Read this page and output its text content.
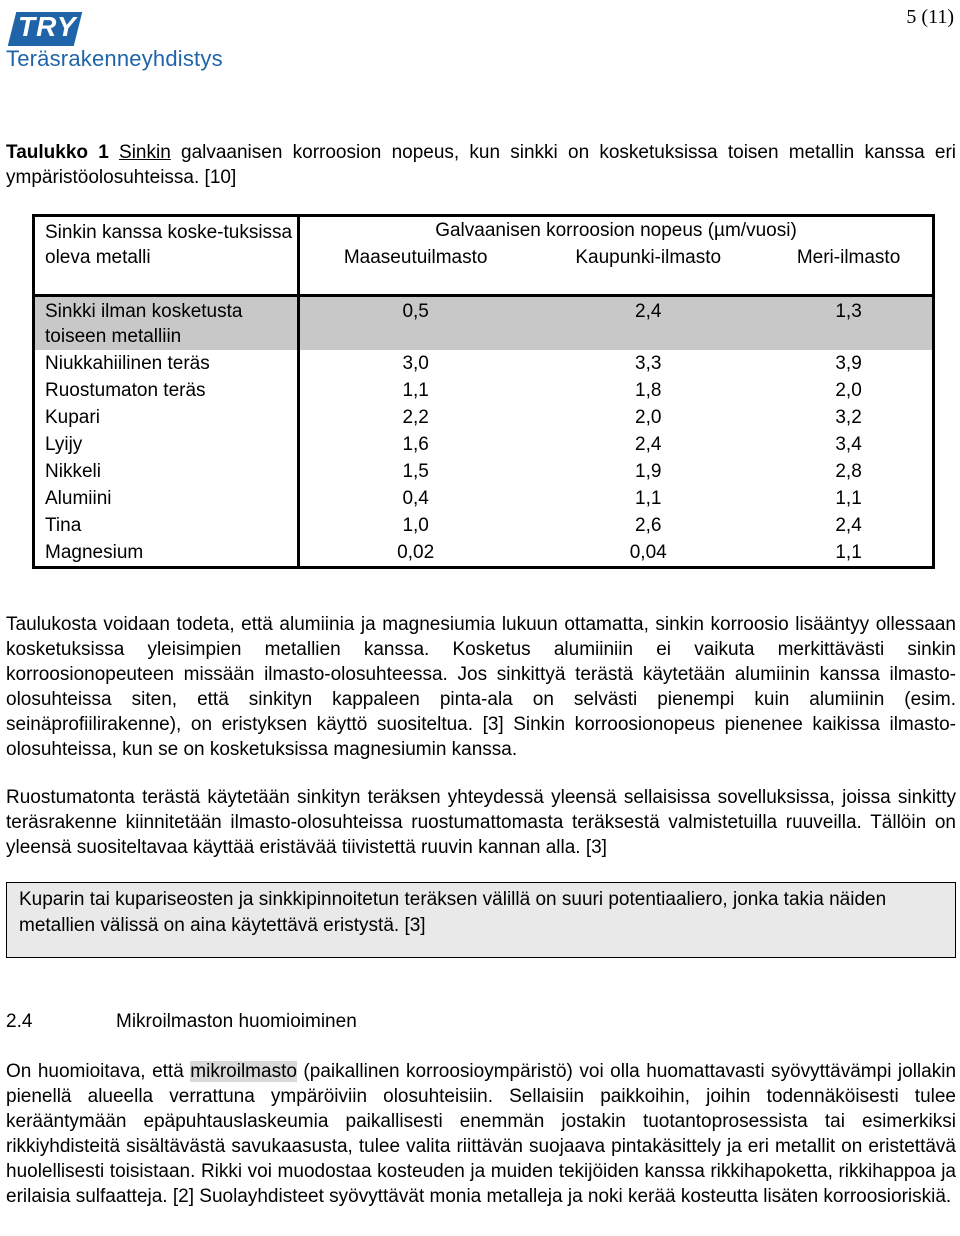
TRY
Teräsrakenneyhdistys
5 (11)
Taulukko 1 Sinkin galvaanisen korroosion nopeus, kun sinkki on kosketuksissa toisen metallin kanssa eri ympäristöolosuhteissa. [10]
Sinkin kanssa koske-tuksissa oleva metalli	Galvaanisen korroosion nopeus (µm/vuosi)		
	Maaseutuilmasto	Kaupunki-ilmasto	Meri-ilmasto
Sinkki ilman kosketusta toiseen metalliin	0,5	2,4	1,3
Niukkahiilinen teräs	3,0	3,3	3,9
Ruostumaton teräs	1,1	1,8	2,0
Kupari	2,2	2,0	3,2
Lyijy	1,6	2,4	3,4
Nikkeli	1,5	1,9	2,8
Alumiini	0,4	1,1	1,1
Tina	1,0	2,6	2,4
Magnesium	0,02	0,04	1,1
Taulukosta voidaan todeta, että alumiinia ja magnesiumia lukuun ottamatta, sinkin korroosio lisääntyy ollessaan kosketuksissa yleisimpien metallien kanssa. Kosketus alumiiniin ei vaikuta merkittävästi sinkin korroosionopeuteen missään ilmasto-olosuhteessa. Jos sinkittyä terästä käytetään alumiinin kanssa ilmasto-olosuhteissa siten, että sinkityn kappaleen pinta-ala on selvästi pienempi kuin alumiinin (esim. seinäprofiilirakenne), on eristyksen käyttö suositeltua. [3] Sinkin korroosionopeus pienenee kaikissa ilmasto-olosuhteissa, kun se on kosketuksissa magnesiumin kanssa.
Ruostumatonta terästä käytetään sinkityn teräksen yhteydessä yleensä sellaisissa sovelluksissa, joissa sinkitty teräsrakenne kiinnitetään ilmasto-olosuhteissa ruostumattomasta teräksestä valmistetuilla ruuveilla. Tällöin on yleensä suositeltavaa käyttää eristävää tiivistettä ruuvin kannan alla. [3]
Kuparin tai kupariseosten ja sinkkipinnoitetun teräksen välillä on suuri potentiaaliero, jonka takia näiden metallien välissä on aina käytettävä eristystä. [3]
2.4	Mikroilmaston huomioiminen
On huomioitava, että mikroilmasto (paikallinen korroosioympäristö) voi olla huomattavasti syövyttävämpi jollakin pienellä alueella verrattuna ympäröiviin olosuhteisiin. Sellaisiin paikkoihin, joihin todennäköisesti tulee kerääntymään epäpuhtauslaskeumia paikallisesti enemmän jostakin tuotantoprosessista tai esimerkiksi rikkiyhdisteitä sisältävästä savukaasusta, tulee valita riittävän suojaava pintakäsittely ja eri metallit on eristettävä huolellisesti toisistaan. Rikki voi muodostaa kosteuden ja muiden tekijöiden kanssa rikkihapoketta, rikkihappoa ja erilaisia sulfaatteja. [2] Suolayhdisteet syövyttävät monia metalleja ja noki kerää kosteutta lisäten korroosioriskiä.
